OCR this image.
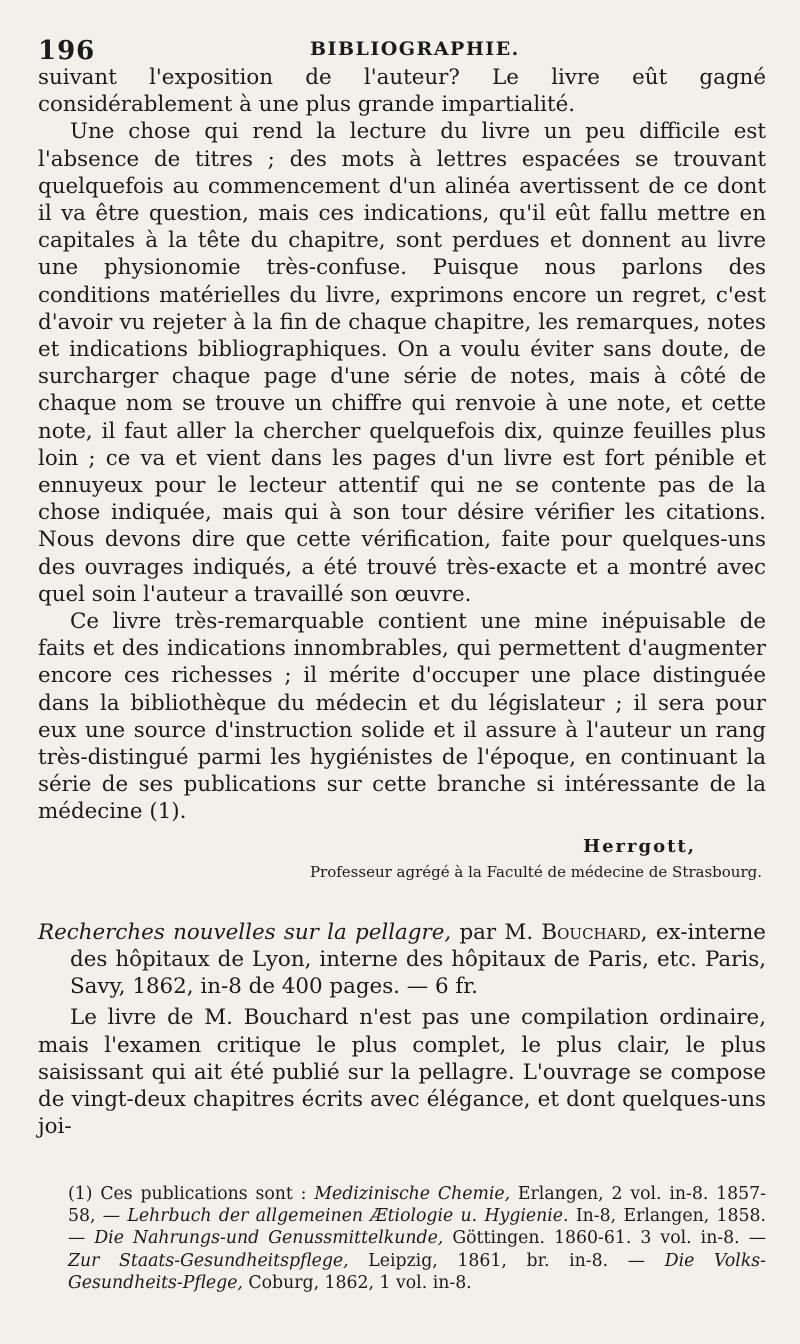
196	BIBLIOGRAPHIE.

suivant l'exposition de l'auteur? Le livre eût gagné considérablement à une plus grande impartialité.

Une chose qui rend la lecture du livre un peu difficile est l'absence de titres ; des mots à lettres espacées se trouvant quelquefois au commencement d'un alinéa avertissent de ce dont il va être question, mais ces indications, qu'il eût fallu mettre en capitales à la tête du chapitre, sont perdues et donnent au livre une physionomie très-confuse. Puisque nous parlons des conditions matérielles du livre, exprimons encore un regret, c'est d'avoir vu rejeter à la fin de chaque chapitre, les remarques, notes et indications bibliographiques. On a voulu éviter sans doute, de surcharger chaque page d'une série de notes, mais à côté de chaque nom se trouve un chiffre qui renvoie à une note, et cette note, il faut aller la chercher quelquefois dix, quinze feuilles plus loin ; ce va et vient dans les pages d'un livre est fort pénible et ennuyeux pour le lecteur attentif qui ne se contente pas de la chose indiquée, mais qui à son tour désire vérifier les citations. Nous devons dire que cette vérification, faite pour quelques-uns des ouvrages indiqués, a été trouvé très-exacte et a montré avec quel soin l'auteur a travaillé son œuvre.

Ce livre très-remarquable contient une mine inépuisable de faits et des indications innombrables, qui permettent d'augmenter encore ces richesses ; il mérite d'occuper une place distinguée dans la bibliothèque du médecin et du législateur ; il sera pour eux une source d'instruction solide et il assure à l'auteur un rang très-distingué parmi les hygiénistes de l'époque, en continuant la série de ses publications sur cette branche si intéressante de la médecine (1).

Herrgott,
Professeur agrégé à la Faculté de médecine de Strasbourg.

Recherches nouvelles sur la pellagre, par M. Bouchard, ex-interne des hôpitaux de Lyon, interne des hôpitaux de Paris, etc. Paris, Savy, 1862, in-8 de 400 pages. — 6 fr.

Le livre de M. Bouchard n'est pas une compilation ordinaire, mais l'examen critique le plus complet, le plus clair, le plus saisissant qui ait été publié sur la pellagre. L'ouvrage se compose de vingt-deux chapitres écrits avec élégance, et dont quelques-uns joi-

(1) Ces publications sont : Medizinische Chemie, Erlangen, 2 vol. in-8. 1857-58, — Lehrbuch der allgemeinen Ætiologie u. Hygienie. In-8, Erlangen, 1858. — Die Nahrungs-und Genussmittelkunde, Göttingen. 1860-61. 3 vol. in-8. — Zur Staats-Gesundheitspflege, Leipzig, 1861, br. in-8. — Die Volks-Gesundheits-Pflege, Coburg, 1862, 1 vol. in-8.
